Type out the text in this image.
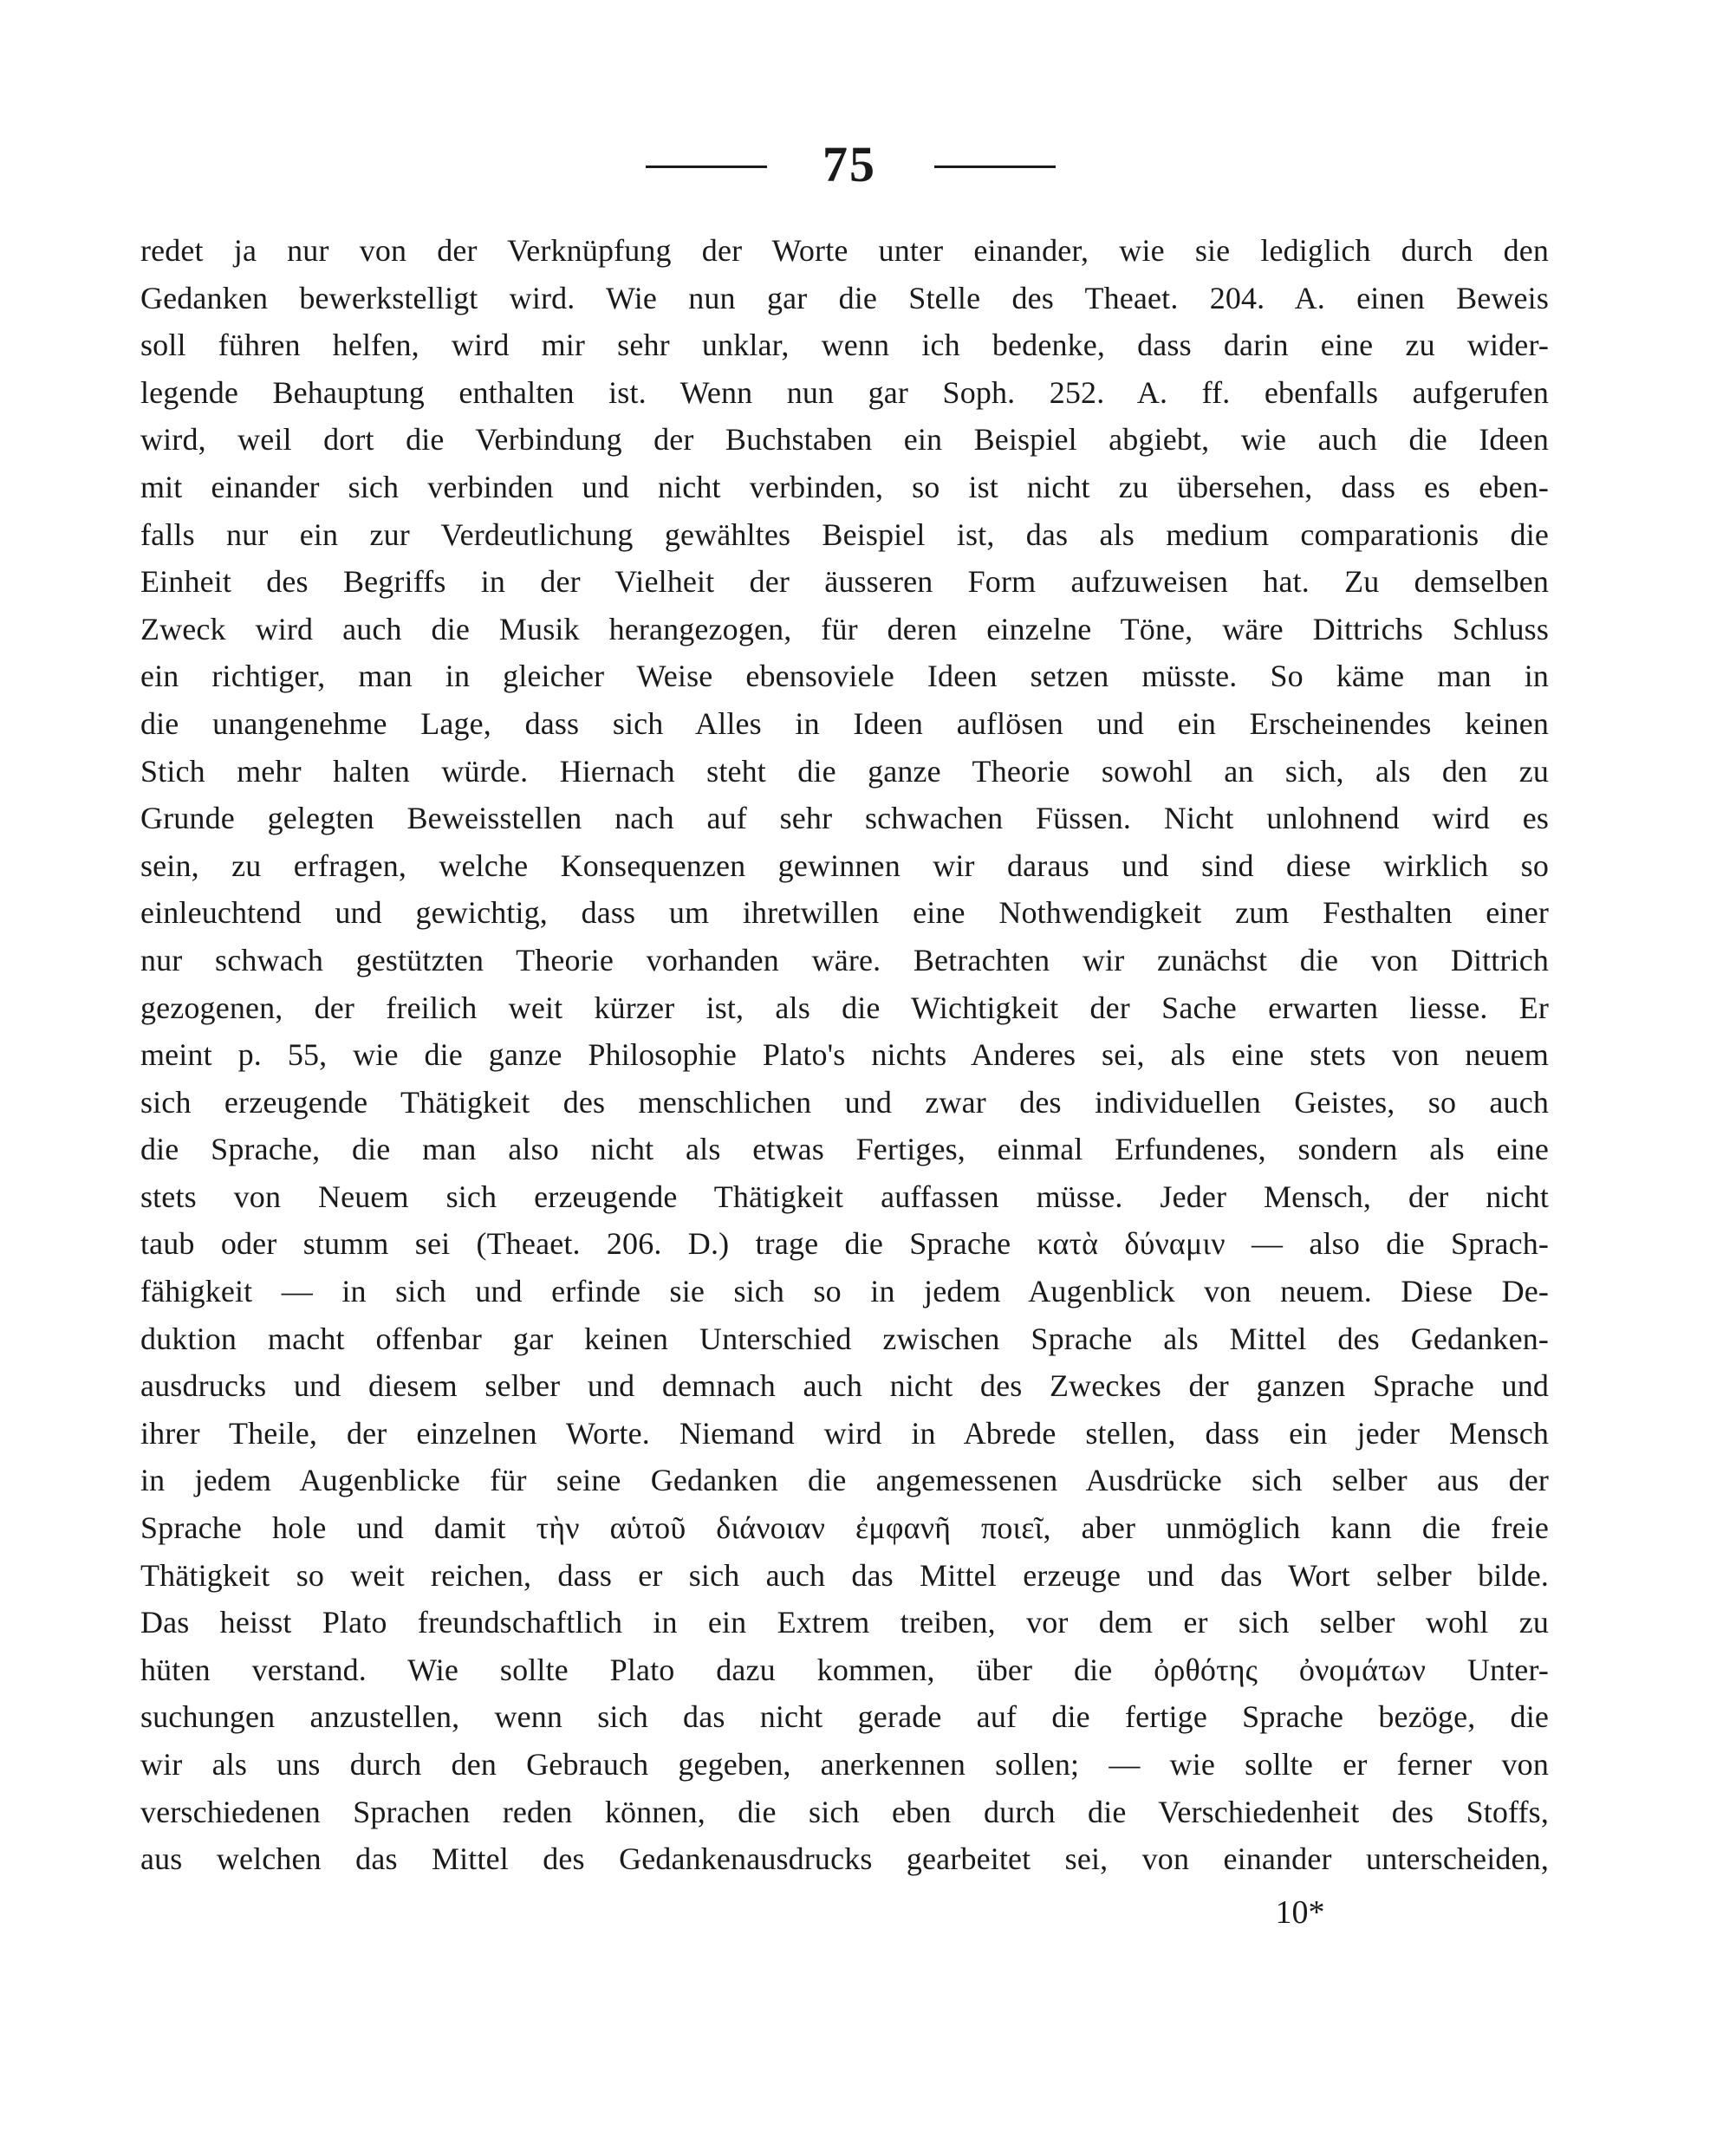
75
redet ja nur von der Verknüpfung der Worte unter einander, wie sie lediglich durch den
Gedanken bewerkstelligt wird. Wie nun gar die Stelle des Theaet. 204. A. einen Beweis
soll führen helfen, wird mir sehr unklar, wenn ich bedenke, dass darin eine zu wider-
legende Behauptung enthalten ist. Wenn nun gar Soph. 252. A. ff. ebenfalls aufgerufen
wird, weil dort die Verbindung der Buchstaben ein Beispiel abgiebt, wie auch die Ideen
mit einander sich verbinden und nicht verbinden, so ist nicht zu übersehen, dass es eben-
falls nur ein zur Verdeutlichung gewähltes Beispiel ist, das als medium comparationis die
Einheit des Begriffs in der Vielheit der äusseren Form aufzuweisen hat. Zu demselben
Zweck wird auch die Musik herangezogen, für deren einzelne Töne, wäre Dittrichs Schluss
ein richtiger, man in gleicher Weise ebensoviele Ideen setzen müsste. So käme man in
die unangenehme Lage, dass sich Alles in Ideen auflösen und ein Erscheinendes keinen
Stich mehr halten würde. Hiernach steht die ganze Theorie sowohl an sich, als den zu
Grunde gelegten Beweisstellen nach auf sehr schwachen Füssen. Nicht unlohnend wird es
sein, zu erfragen, welche Konsequenzen gewinnen wir daraus und sind diese wirklich so
einleuchtend und gewichtig, dass um ihretwillen eine Nothwendigkeit zum Festhalten einer
nur schwach gestützten Theorie vorhanden wäre. Betrachten wir zunächst die von Dittrich
gezogenen, der freilich weit kürzer ist, als die Wichtigkeit der Sache erwarten liesse. Er
meint p. 55, wie die ganze Philosophie Plato's nichts Anderes sei, als eine stets von neuem
sich erzeugende Thätigkeit des menschlichen und zwar des individuellen Geistes, so auch
die Sprache, die man also nicht als etwas Fertiges, einmal Erfundenes, sondern als eine
stets von Neuem sich erzeugende Thätigkeit auffassen müsse. Jeder Mensch, der nicht
taub oder stumm sei (Theaet. 206. D.) trage die Sprache κατὰ δύναμιν — also die Sprach-
fähigkeit — in sich und erfinde sie sich so in jedem Augenblick von neuem. Diese De-
duktion macht offenbar gar keinen Unterschied zwischen Sprache als Mittel des Gedanken-
ausdrucks und diesem selber und demnach auch nicht des Zweckes der ganzen Sprache und
ihrer Theile, der einzelnen Worte. Niemand wird in Abrede stellen, dass ein jeder Mensch
in jedem Augenblicke für seine Gedanken die angemessenen Ausdrücke sich selber aus der
Sprache hole und damit τὴν αὑτοῦ διάνοιαν ἐμφανῆ ποιεῖ, aber unmöglich kann die freie
Thätigkeit so weit reichen, dass er sich auch das Mittel erzeuge und das Wort selber bilde.
Das heisst Plato freundschaftlich in ein Extrem treiben, vor dem er sich selber wohl zu
hüten verstand. Wie sollte Plato dazu kommen, über die ὀρθότης ὀνομάτων Unter-
suchungen anzustellen, wenn sich das nicht gerade auf die fertige Sprache bezöge, die
wir als uns durch den Gebrauch gegeben, anerkennen sollen; — wie sollte er ferner von
verschiedenen Sprachen reden können, die sich eben durch die Verschiedenheit des Stoffs,
aus welchen das Mittel des Gedankenausdrucks gearbeitet sei, von einander unterscheiden,
10*
